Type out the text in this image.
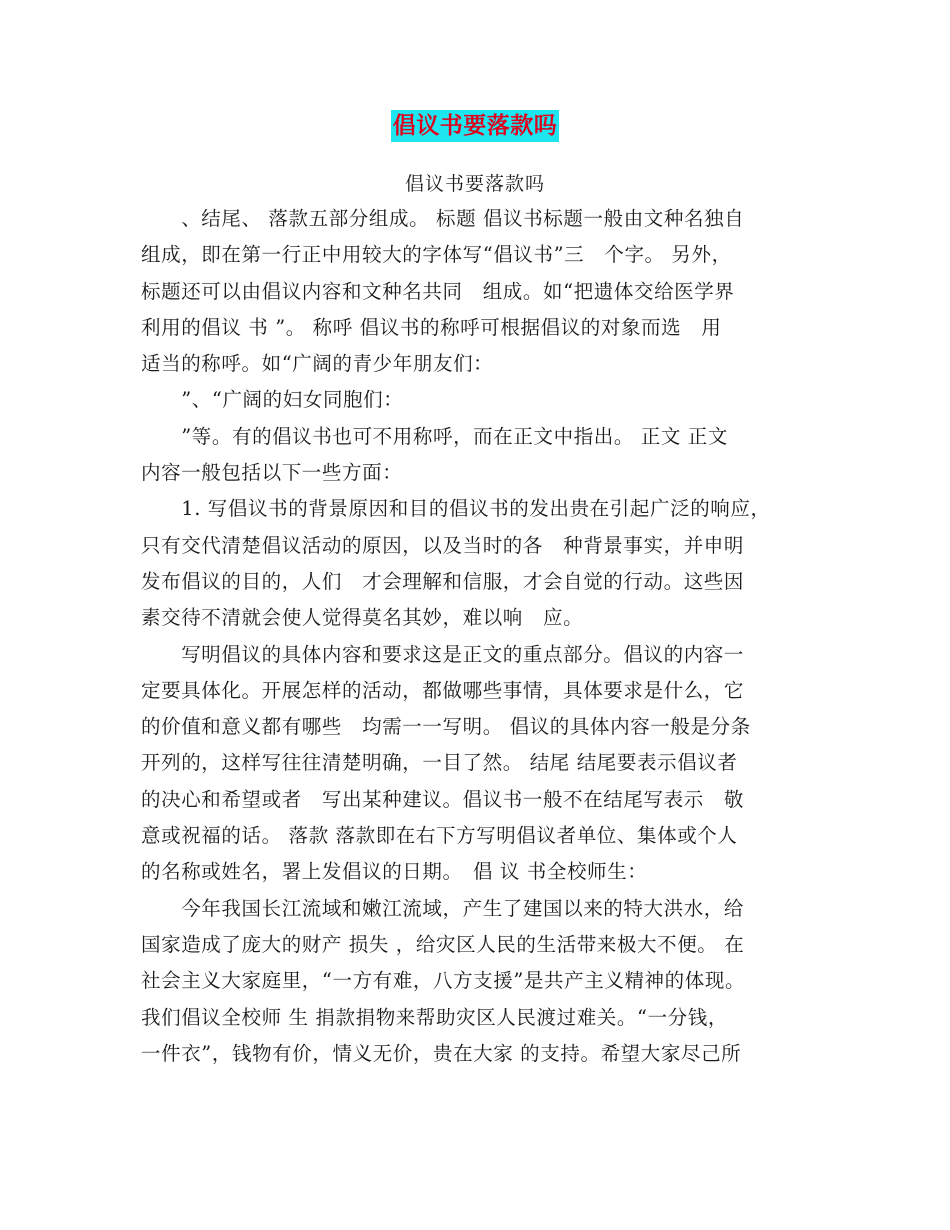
倡议书要落款吗
倡议书要落款吗
　　、结尾、 落款五部分组成。 标题 倡议书标题一般由文种名独自
组成，即在第一行正中用较大的字体写“倡议书”三　个字。 另外，
标题还可以由倡议内容和文种名共同　组成。如“把遗体交给医学界
利用的倡议 书 ”。 称呼 倡议书的称呼可根据倡议的对象而选　用
适当的称呼。如“广阔的青少年朋友们：
　　”、“广阔的妇女同胞们：
　　”等。有的倡议书也可不用称呼，而在正文中指出。 正文 正文
内容一般包括以下一些方面：
　　1. 写倡议书的背景原因和目的倡议书的发出贵在引起广泛的响应，
只有交代清楚倡议活动的原因，以及当时的各　种背景事实，并申明
发布倡议的目的，人们　才会理解和信服，才会自觉的行动。这些因
素交待不清就会使人觉得莫名其妙，难以响　应。
　　写明倡议的具体内容和要求这是正文的重点部分。倡议的内容一
定要具体化。开展怎样的活动，都做哪些事情，具体要求是什么，它
的价值和意义都有哪些　均需一一写明。 倡议的具体内容一般是分条
开列的，这样写往往清楚明确，一目了然。 结尾 结尾要表示倡议者
的决心和希望或者　写出某种建议。倡议书一般不在结尾写表示　敬
意或祝福的话。 落款 落款即在右下方写明倡议者单位、集体或个人
的名称或姓名，署上发倡议的日期。　倡 议 书全校师生：
　　今年我国长江流域和嫩江流域，产生了建国以来的特大洪水，给
国家造成了庞大的财产 损失 ，给灾区人民的生活带来极大不便。 在
社会主义大家庭里，“一方有难，八方支援”是共产主义精神的体现。
我们倡议全校师 生 捐款捐物来帮助灾区人民渡过难关。“一分钱，
一件衣”，钱物有价，情义无价，贵在大家 的支持。希望大家尽己所
